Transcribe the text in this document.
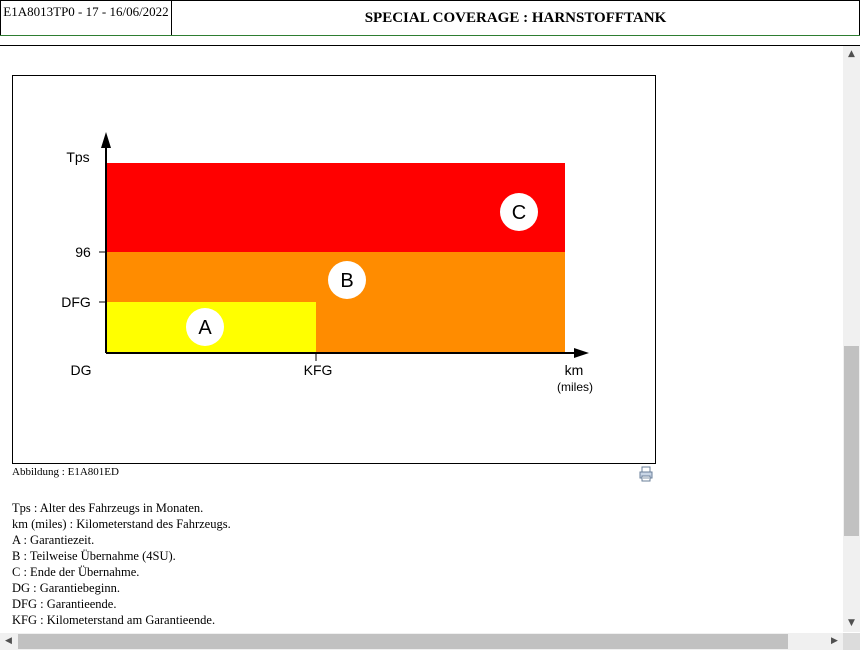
E1A8013TP0 - 17 - 16/06/2022	SPECIAL COVERAGE : HARNSTOFFTANK
Tps
96
DFG
DG	KFG	km
(miles)
C
B
A
Abbildung : E1A801ED
Tps : Alter des Fahrzeugs in Monaten.
km (miles) : Kilometerstand des Fahrzeugs.
A : Garantiezeit.
B : Teilweise Übernahme (4SU).
C : Ende der Übernahme.
DG : Garantiebeginn.
DFG : Garantieende.
KFG : Kilometerstand am Garantieende.
▲
▼
◀	▶
